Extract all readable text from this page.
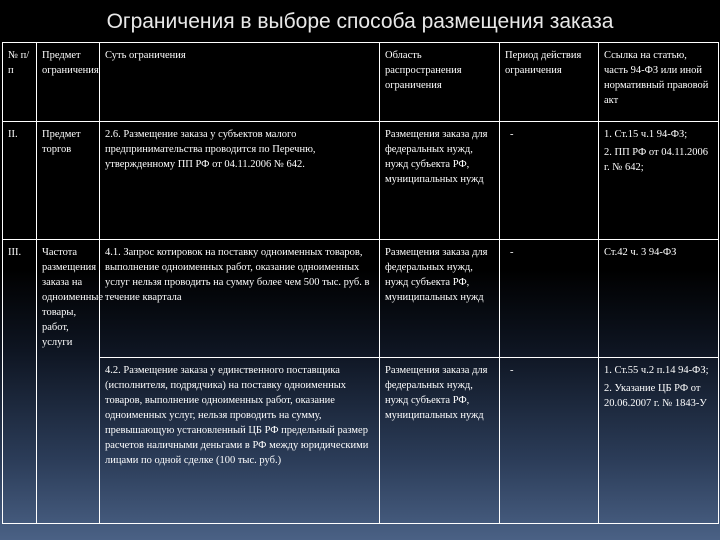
Ограничения в выборе способа размещения заказа
№ п/п	Предмет ограничения	Суть ограничения	Область распространения ограничения	Период действия ограничения	Ссылка на статью, часть 94-ФЗ или иной нормативный правовой акт
II.	Предмет торгов	2.6. Размещение заказа у субъектов малого предпринимательства проводится по Перечню, утвержденному ПП РФ от 04.11.2006 № 642.	Размещения заказа для федеральных нужд, нужд субъекта РФ, муниципальных нужд	-	1. Ст.15 ч.1 94-ФЗ;

2. ПП РФ от 04.11.2006 г. № 642;

III.	Частота размещения заказа на одноименные товары, работ, услуги	4.1. Запрос котировок на поставку одноименных товаров, выполнение одноименных работ, оказание одноименных услуг нельзя проводить на сумму более чем 500 тыс. руб. в течение квартала	Размещения заказа для федеральных нужд, нужд субъекта РФ, муниципальных нужд	-	Ст.42 ч. 3 94-ФЗ

		4.2. Размещение заказа у единственного поставщика (исполнителя, подрядчика) на поставку одноименных товаров, выполнение одноименных работ, оказание одноименных услуг, нельзя проводить на сумму, превышающую установленный ЦБ РФ предельный размер расчетов наличными деньгами в РФ между юридическими лицами по одной сделке (100 тыс. руб.)	Размещения заказа для федеральных нужд, нужд субъекта РФ, муниципальных нужд	-	1. Ст.55 ч.2 п.14 94-ФЗ;

2. Указание ЦБ РФ от 20.06.2007 г. № 1843-У
